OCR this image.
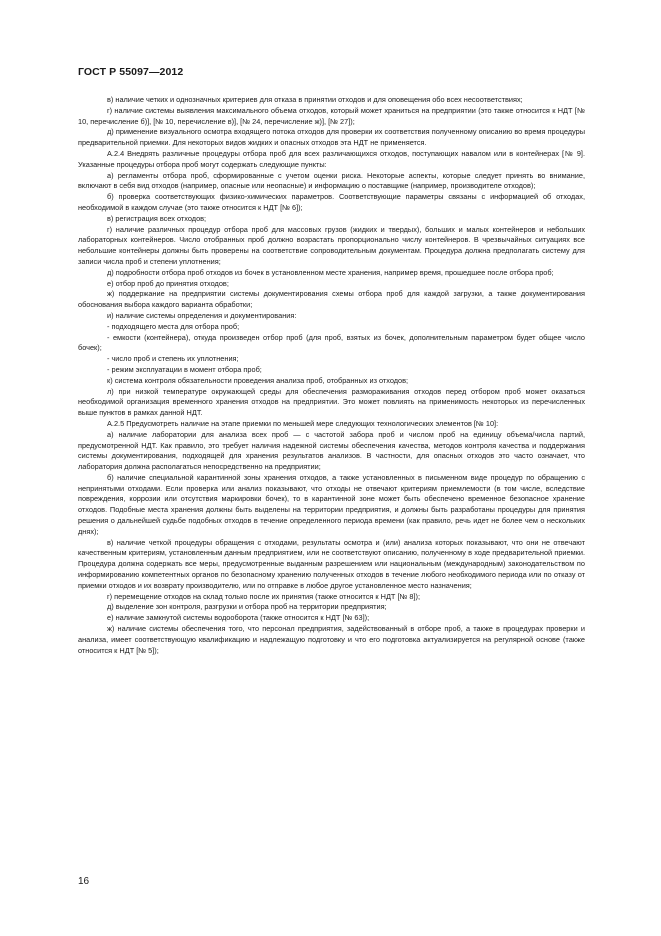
ГОСТ Р 55097—2012

в) наличие четких и однозначных критериев для отказа в принятии отходов и для оповещения обо всех несоответствиях;

г) наличие системы выявления максимального объема отходов, который может храниться на предприятии (это также относится к НДТ [№ 10, перечисление б)], [№ 10, перечисление в)], [№ 24, перечисление ж)], [№ 27]);

д) применение визуального осмотра входящего потока отходов для проверки их соответствия полученному описанию во время процедуры предварительной приемки. Для некоторых видов жидких и опасных отходов эта НДТ не применяется.

А.2.4 Внедрять различные процедуры отбора проб для всех различающихся отходов, поступающих навалом или в контейнерах [№ 9]. Указанные процедуры отбора проб могут содержать следующие пункты:

а) регламенты отбора проб, сформированные с учетом оценки риска. Некоторые аспекты, которые следует принять во внимание, включают в себя вид отходов (например, опасные или неопасные) и информацию о поставщике (например, производителе отходов);

б) проверка соответствующих физико-химических параметров. Соответствующие параметры связаны с информацией об отходах, необходимой в каждом случае (это также относится к НДТ [№ 6]);

в) регистрация всех отходов;

г) наличие различных процедур отбора проб для массовых грузов (жидких и твердых), больших и малых контейнеров и небольших лабораторных контейнеров. Число отобранных проб должно возрастать пропорционально числу контейнеров. В чрезвычайных ситуациях все небольшие контейнеры должны быть проверены на соответствие сопроводительным документам. Процедура должна предполагать систему для записи числа проб и степени уплотнения;

д) подробности отбора проб отходов из бочек в установленном месте хранения, например время, прошедшее после отбора проб;

е) отбор проб до принятия отходов;

ж) поддержание на предприятии системы документирования схемы отбора проб для каждой загрузки, а также документирования обоснования выбора каждого варианта обработки;

и) наличие системы определения и документирования:

- подходящего места для отбора проб;

- емкости (контейнера), откуда произведен отбор проб (для проб, взятых из бочек, дополнительным параметром будет общее число бочек);

- число проб и степень их уплотнения;

- режим эксплуатации в момент отбора проб;

к) система контроля обязательности проведения анализа проб, отобранных из отходов;

л) при низкой температуре окружающей среды для обеспечения размораживания отходов перед отбором проб может оказаться необходимой организация временного хранения отходов на предприятии. Это может повлиять на применимость некоторых из перечисленных выше пунктов в рамках данной НДТ.

А.2.5 Предусмотреть наличие на этапе приемки по меньшей мере следующих технологических элементов [№ 10]:

а) наличие лаборатории для анализа всех проб — с частотой забора проб и числом проб на единицу объема/числа партий, предусмотренной НДТ. Как правило, это требует наличия надежной системы обеспечения качества, методов контроля качества и поддержания системы документирования, подходящей для хранения результатов анализов. В частности, для опасных отходов это часто означает, что лаборатория должна располагаться непосредственно на предприятии;

б) наличие специальной карантинной зоны хранения отходов, а также установленных в письменном виде процедур по обращению с непринятыми отходами. Если проверка или анализ показывают, что отходы не отвечают критериям приемлемости (в том числе, вследствие повреждения, коррозии или отсутствия маркировки бочек), то в карантинной зоне может быть обеспечено временное безопасное хранение отходов. Подобные места хранения должны быть выделены на территории предприятия, и должны быть разработаны процедуры для принятия решения о дальнейшей судьбе подобных отходов в течение определенного периода времени (как правило, речь идет не более чем о нескольких днях);

в) наличие четкой процедуры обращения с отходами, результаты осмотра и (или) анализа которых показывают, что они не отвечают качественным критериям, установленным данным предприятием, или не соответствуют описанию, полученному в ходе предварительной приемки. Процедура должна содержать все меры, предусмотренные выданным разрешением или национальным (международным) законодательством по информированию компетентных органов по безопасному хранению полученных отходов в течение любого необходимого периода или по отказу от приемки отходов и их возврату производителю, или по отправке в любое другое установленное место назначения;

г) перемещение отходов на склад только после их принятия (также относится к НДТ [№ 8]);

д) выделение зон контроля, разгрузки и отбора проб на территории предприятия;

е) наличие замкнутой системы водооборота (также относится к НДТ [№ 63]);

ж) наличие системы обеспечения того, что персонал предприятия, задействованный в отборе проб, а также в процедурах проверки и анализа, имеет соответствующую квалификацию и надлежащую подготовку и что его подготовка актуализируется на регулярной основе (также относится к НДТ [№ 5]);

16
